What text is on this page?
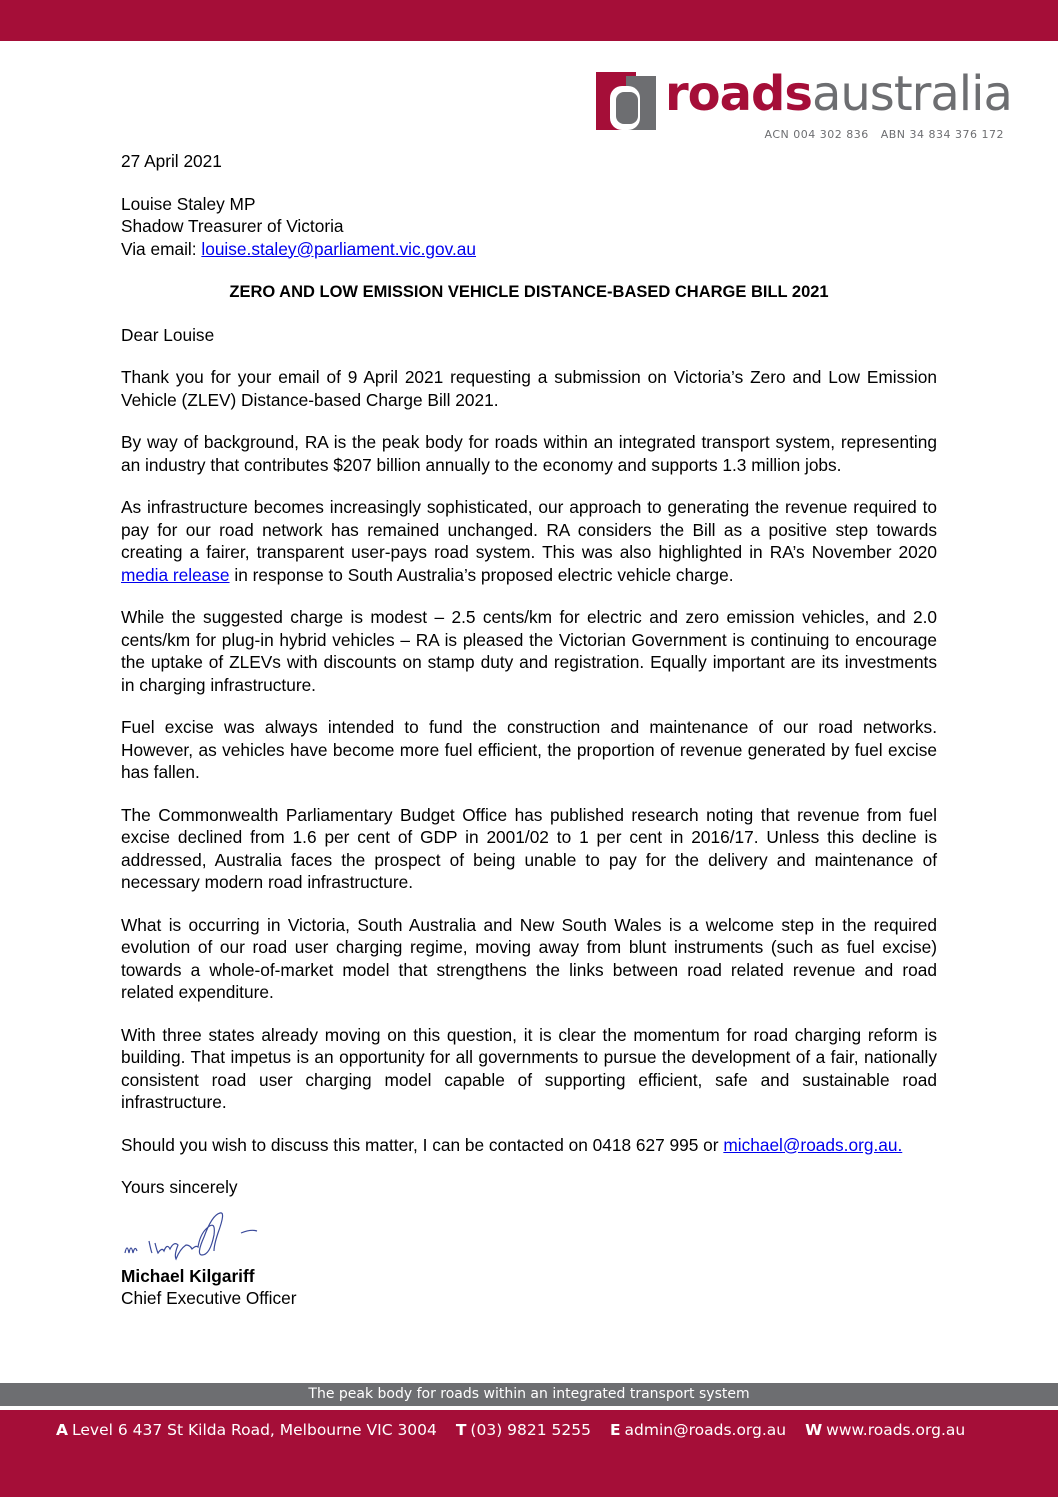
roadsaustralia
ACN 004 302 836 ABN 34 834 376 172
27 April 2021
Louise Staley MP
Shadow Treasurer of Victoria
Via email: louise.staley@parliament.vic.gov.au
ZERO AND LOW EMISSION VEHICLE DISTANCE-BASED CHARGE BILL 2021

Dear Louise

Thank you for your email of 9 April 2021 requesting a submission on Victoria’s Zero and Low Emission Vehicle (ZLEV) Distance-based Charge Bill 2021.

By way of background, RA is the peak body for roads within an integrated transport system, representing an industry that contributes $207 billion annually to the economy and supports 1.3 million jobs.

As infrastructure becomes increasingly sophisticated, our approach to generating the revenue required to pay for our road network has remained unchanged. RA considers the Bill as a positive step towards creating a fairer, transparent user-pays road system. This was also highlighted in RA’s November 2020 media release in response to South Australia’s proposed electric vehicle charge.

While the suggested charge is modest – 2.5 cents/km for electric and zero emission vehicles, and 2.0 cents/km for plug-in hybrid vehicles – RA is pleased the Victorian Government is continuing to encourage the uptake of ZLEVs with discounts on stamp duty and registration. Equally important are its investments in charging infrastructure.

Fuel excise was always intended to fund the construction and maintenance of our road networks. However, as vehicles have become more fuel efficient, the proportion of revenue generated by fuel excise has fallen.

The Commonwealth Parliamentary Budget Office has published research noting that revenue from fuel excise declined from 1.6 per cent of GDP in 2001/02 to 1 per cent in 2016/17. Unless this decline is addressed, Australia faces the prospect of being unable to pay for the delivery and maintenance of necessary modern road infrastructure.

What is occurring in Victoria, South Australia and New South Wales is a welcome step in the required evolution of our road user charging regime, moving away from blunt instruments (such as fuel excise) towards a whole-of-market model that strengthens the links between road related revenue and road related expenditure.

With three states already moving on this question, it is clear the momentum for road charging reform is building. That impetus is an opportunity for all governments to pursue the development of a fair, nationally consistent road user charging model capable of supporting efficient, safe and sustainable road infrastructure.

Should you wish to discuss this matter, I can be contacted on 0418 627 995 or michael@roads.org.au.

Yours sincerely

Michael Kilgariff
Chief Executive Officer
The peak body for roads within an integrated transport system
A Level 6 437 St Kilda Road, Melbourne VIC 3004 T (03) 9821 5255 E admin@roads.org.au W www.roads.org.au
